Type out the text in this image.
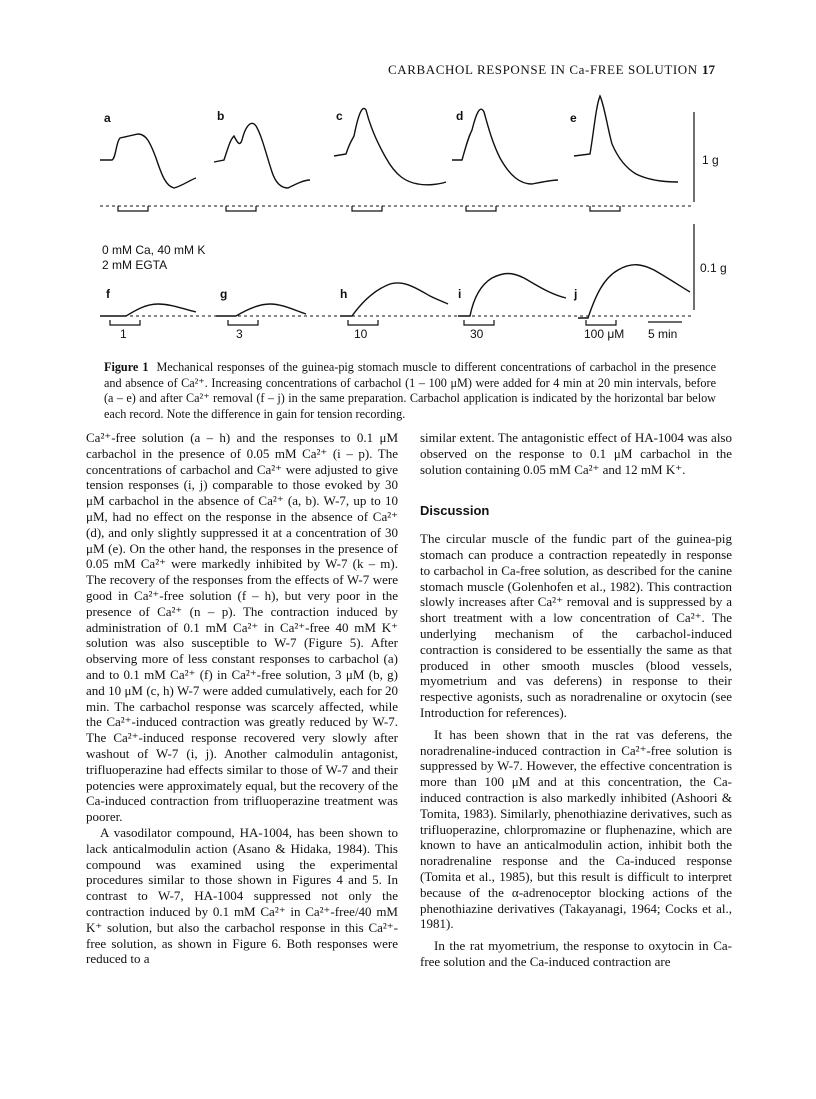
CARBACHOL RESPONSE IN Ca-FREE SOLUTION 17
a	b	c	d	e
1 g
0 mM Ca, 40 mM K
2 mM EGTA
f	g	h	i	j
1	3	10	30	100 μM 5 min
0.1 g
Figure 1 Mechanical responses of the guinea-pig stomach muscle to different concentrations of carbachol in the presence and absence of Ca²⁺. Increasing concentrations of carbachol (1 – 100 μM) were added for 4 min at 20 min intervals, before (a – e) and after Ca²⁺ removal (f – j) in the same preparation. Carbachol application is indicated by the horizontal bar below each record. Note the difference in gain for tension recording.

Ca²⁺-free solution (a – h) and the responses to 0.1 μM carbachol in the presence of 0.05 mM Ca²⁺ (i – p). The concentrations of carbachol and Ca²⁺ were adjusted to give tension responses (i, j) comparable to those evoked by 30 μM carbachol in the absence of Ca²⁺ (a, b). W-7, up to 10 μM, had no effect on the response in the absence of Ca²⁺ (d), and only slightly suppressed it at a concentration of 30 μM (e). On the other hand, the responses in the presence of 0.05 mM Ca²⁺ were markedly inhibited by W-7 (k – m). The recovery of the responses from the effects of W-7 were good in Ca²⁺-free solution (f – h), but very poor in the presence of Ca²⁺ (n – p). The contraction induced by administration of 0.1 mM Ca²⁺ in Ca²⁺-free 40 mM K⁺ solution was also susceptible to W-7 (Figure 5). After observing more of less constant responses to carbachol (a) and to 0.1 mM Ca²⁺ (f) in Ca²⁺-free solution, 3 μM (b, g) and 10 μM (c, h) W-7 were added cumulatively, each for 20 min. The carbachol response was scarcely affected, while the Ca²⁺-induced contraction was greatly reduced by W-7. The Ca²⁺-induced response recovered very slowly after washout of W-7 (i, j). Another calmodulin antagonist, trifluoperazine had effects similar to those of W-7 and their potencies were approximately equal, but the recovery of the Ca-induced contraction from trifluoperazine treatment was poorer.

A vasodilator compound, HA-1004, has been shown to lack anticalmodulin action (Asano & Hidaka, 1984). This compound was examined using the experimental procedures similar to those shown in Figures 4 and 5. In contrast to W-7, HA-1004 suppressed not only the contraction induced by 0.1 mM Ca²⁺ in Ca²⁺-free/40 mM K⁺ solution, but also the carbachol response in this Ca²⁺-free solution, as shown in Figure 6. Both responses were reduced to a

similar extent. The antagonistic effect of HA-1004 was also observed on the response to 0.1 μM carbachol in the solution containing 0.05 mM Ca²⁺ and 12 mM K⁺.

Discussion

The circular muscle of the fundic part of the guinea-pig stomach can produce a contraction repeatedly in response to carbachol in Ca-free solution, as described for the canine stomach muscle (Golenhofen et al., 1982). This contraction slowly increases after Ca²⁺ removal and is suppressed by a short treatment with a low concentration of Ca²⁺. The underlying mechanism of the carbachol-induced contraction is considered to be essentially the same as that produced in other smooth muscles (blood vessels, myometrium and vas deferens) in response to their respective agonists, such as noradrenaline or oxytocin (see Introduction for references).

It has been shown that in the rat vas deferens, the noradrenaline-induced contraction in Ca²⁺-free solution is suppressed by W-7. However, the effective concentration is more than 100 μM and at this concentration, the Ca-induced contraction is also markedly inhibited (Ashoori & Tomita, 1983). Similarly, phenothiazine derivatives, such as trifluoperazine, chlorpromazine or fluphenazine, which are known to have an anticalmodulin action, inhibit both the noradrenaline response and the Ca-induced response (Tomita et al., 1985), but this result is difficult to interpret because of the α-adrenoceptor blocking actions of the phenothiazine derivatives (Takayanagi, 1964; Cocks et al., 1981).

In the rat myometrium, the response to oxytocin in Ca-free solution and the Ca-induced contraction are
